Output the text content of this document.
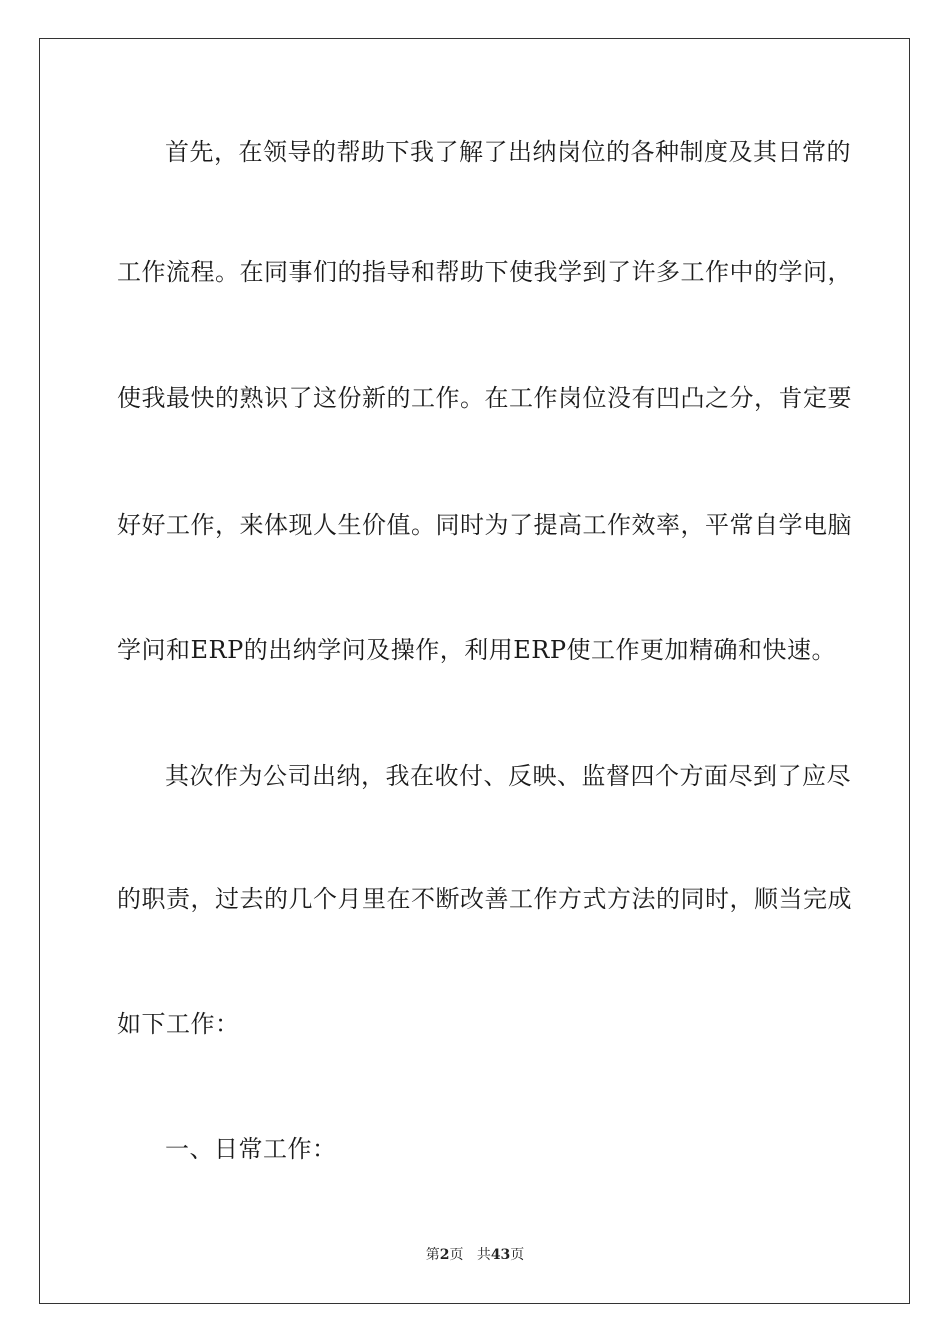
首先，在领导的帮助下我了解了出纳岗位的各种制度及其日常的
工作流程。在同事们的指导和帮助下使我学到了许多工作中的学问，
使我最快的熟识了这份新的工作。在工作岗位没有凹凸之分，肯定要
好好工作，来体现人生价值。同时为了提高工作效率，平常自学电脑
学问和ERP的出纳学问及操作，利用ERP使工作更加精确和快速。
其次作为公司出纳，我在收付、反映、监督四个方面尽到了应尽
的职责，过去的几个月里在不断改善工作方式方法的同时，顺当完成
如下工作：
一、日常工作：
第2页 共43页
